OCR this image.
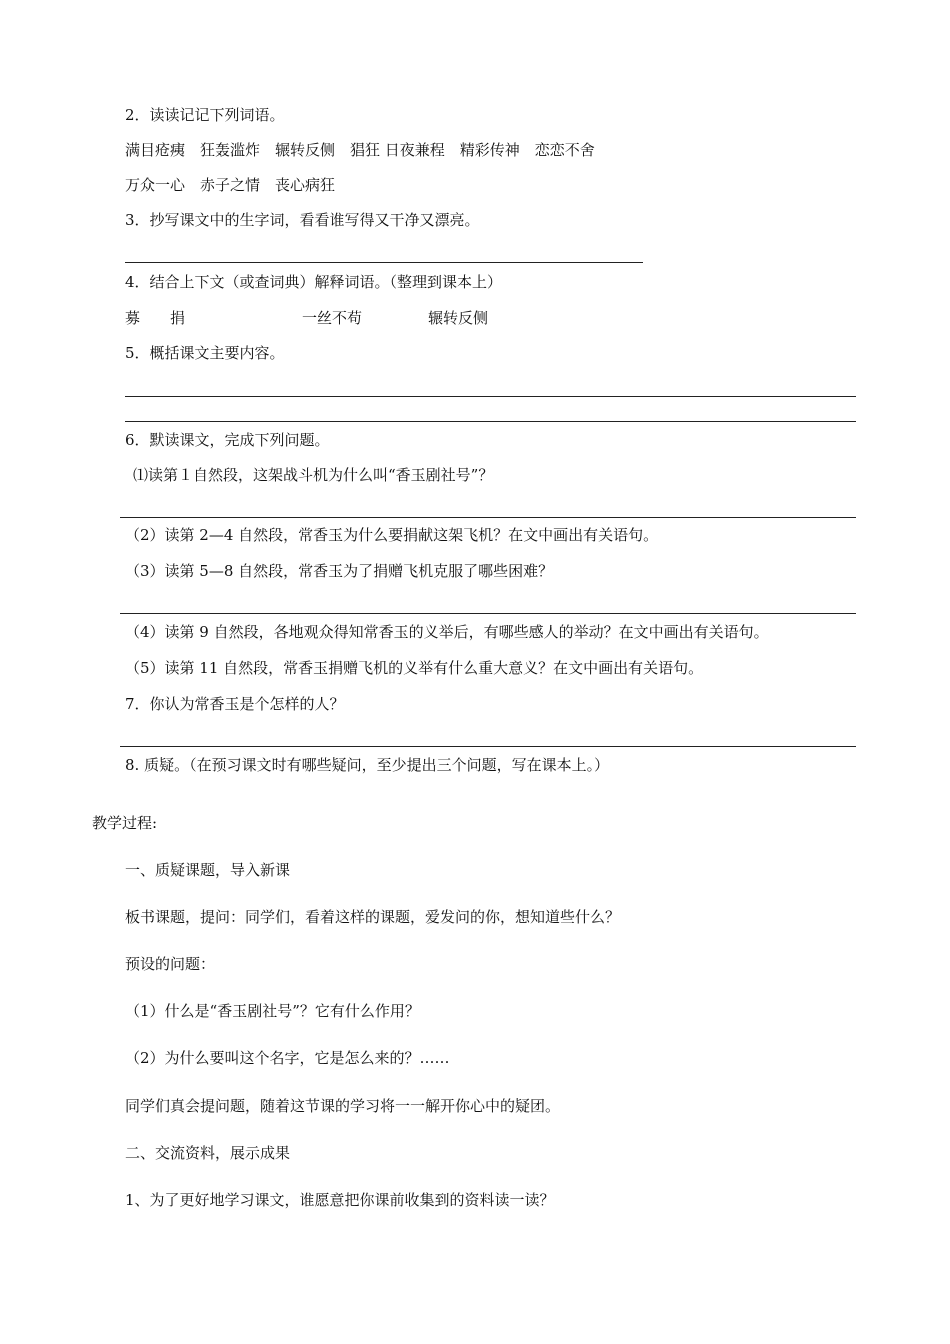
2．读读记记下列词语。
满目疮痍　狂轰滥炸　辗转反侧　猖狂 日夜兼程　精彩传神　恋恋不舍
万众一心　赤子之情　丧心病狂
3．抄写课文中的生字词，看看谁写得又干净又漂亮。
4．结合上下文（或查词典）解释词语。（整理到课本上）
募　　捐	一丝不苟	辗转反侧
5．概括课文主要内容。
6．默读课文，完成下列问题。
⑴读第１自然段，这架战斗机为什么叫“香玉剧社号”？
（2）读第 2—4 自然段，常香玉为什么要捐献这架飞机？在文中画出有关语句。
（3）读第 5—8 自然段，常香玉为了捐赠飞机克服了哪些困难？
（4）读第 9 自然段，各地观众得知常香玉的义举后，有哪些感人的举动？在文中画出有关语句。
（5）读第 11 自然段，常香玉捐赠飞机的义举有什么重大意义？在文中画出有关语句。
7．你认为常香玉是个怎样的人？
8. 质疑。（在预习课文时有哪些疑问，至少提出三个问题，写在课本上。）
教学过程:
一、质疑课题，导入新课
板书课题，提问：同学们，看着这样的课题，爱发问的你，想知道些什么？
预设的问题：
（1）什么是“香玉剧社号”？它有什么作用？
（2）为什么要叫这个名字，它是怎么来的？……
同学们真会提问题，随着这节课的学习将一一解开你心中的疑团。
二、交流资料，展示成果
1、为了更好地学习课文，谁愿意把你课前收集到的资料读一读？
